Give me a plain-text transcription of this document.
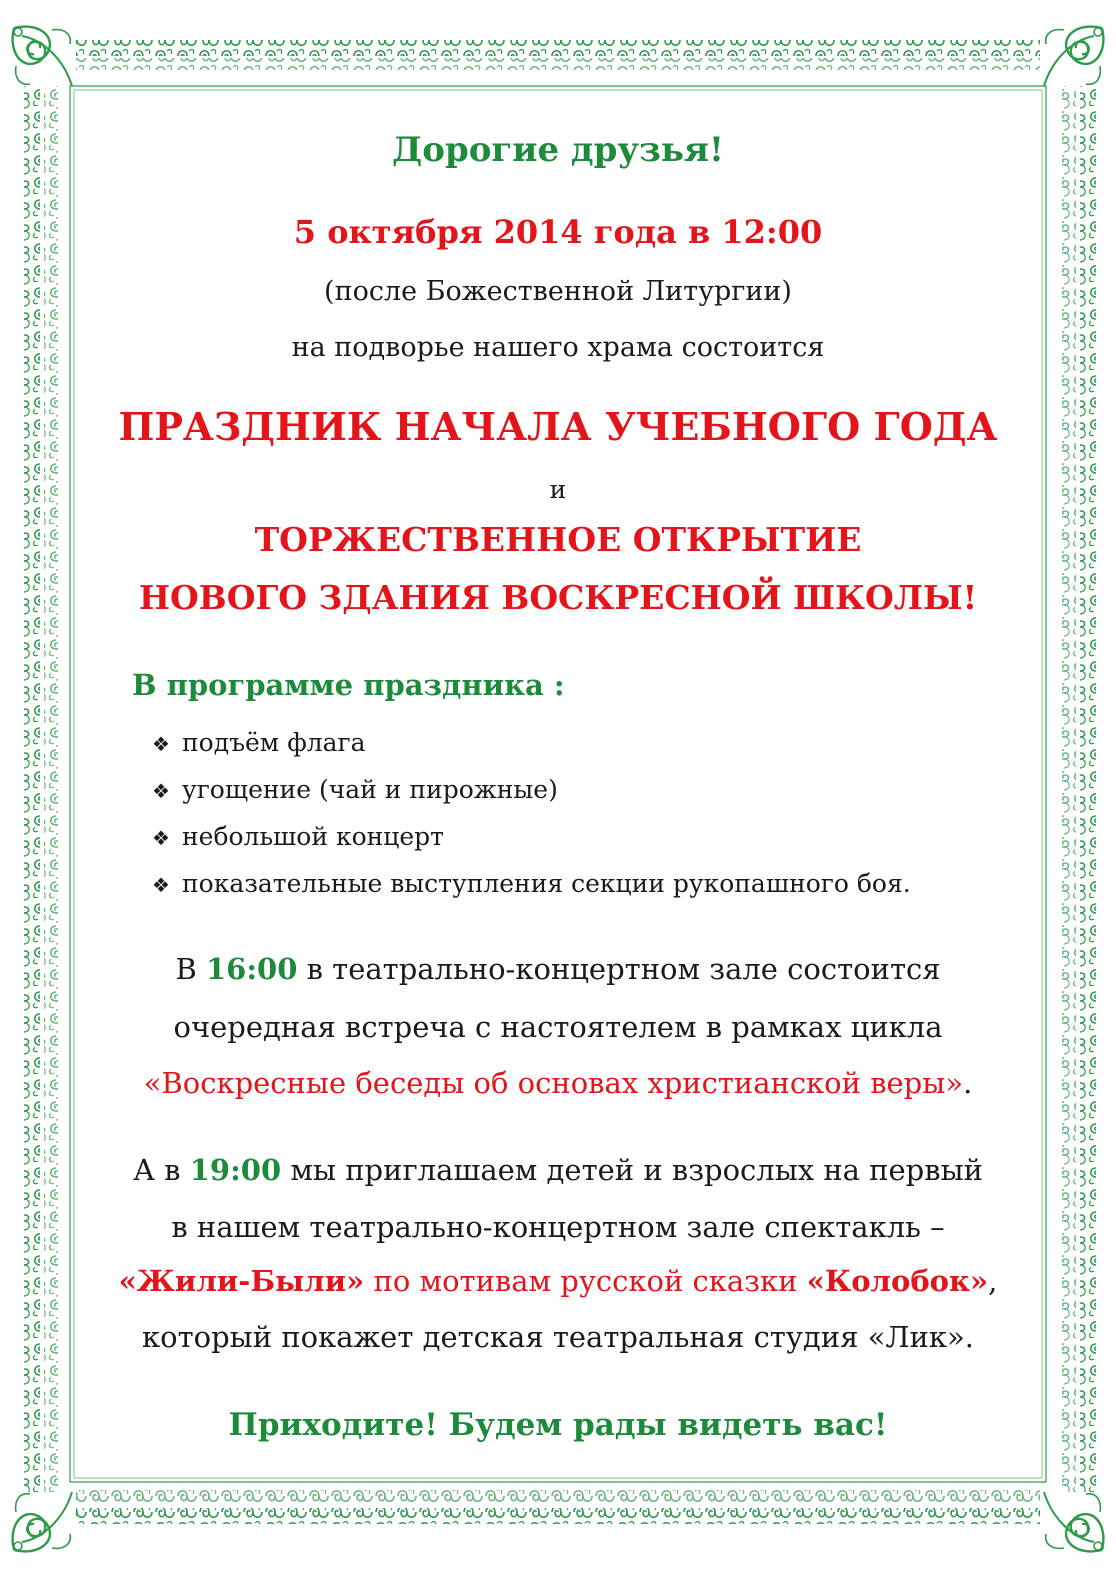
Дорогие друзья!
5 октября 2014 года в 12:00
(после Божественной Литургии)
на подворье нашего храма состоится
ПРАЗДНИК НАЧАЛА УЧЕБНОГО ГОДА
и
ТОРЖЕСТВЕННОЕ ОТКРЫТИЕ
НОВОГО ЗДАНИЯ ВОСКРЕСНОЙ ШКОЛЫ!
В программе праздника :
❖ подъём флага
❖ угощение (чай и пирожные)
❖ небольшой концерт
❖ показательные выступления секции рукопашного боя.
В 16:00 в театрально-концертном зале состоится
очередная встреча с настоятелем в рамках цикла
«Воскресные беседы об основах христианской веры».
А в 19:00 мы приглашаем детей и взрослых на первый
в нашем театрально-концертном зале спектакль –
«Жили-Были» по мотивам русской сказки «Колобок»,
который покажет детская театральная студия «Лик».
Приходите! Будем рады видеть вас!
